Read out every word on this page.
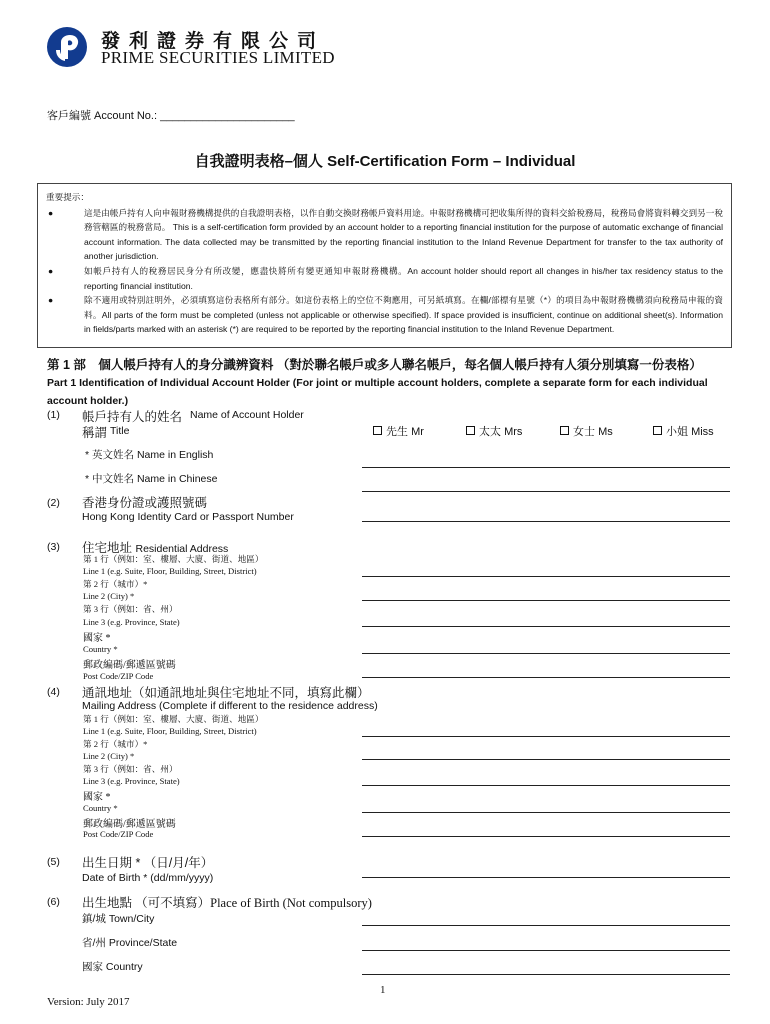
發利證券有限公司
PRIME SECURITIES LIMITED
客戶編號 Account No.: ______________________
自我證明表格–個人 Self-Certification Form – Individual
重要提示：
●	這是由帳戶持有人向申報財務機構提供的自我證明表格，以作自動交換財務帳戶資料用途。申報財務機構可把收集所得的資料交給稅務局，稅務局會將資料轉交到另一稅務管轄區的稅務當局。 This is a self-certification form provided by an account holder to a reporting financial institution for the purpose of automatic exchange of financial account information. The data collected may be transmitted by the reporting financial institution to the Inland Revenue Department for transfer to the tax authority of another jurisdiction.
●	如帳戶持有人的稅務居民身分有所改變，應盡快將所有變更通知申報財務機構。An account holder should report all changes in his/her tax residency status to the reporting financial institution.
●	除不適用或特別註明外，必須填寫這份表格所有部分。如這份表格上的空位不夠應用，可另紙填寫。在欄/部標有星號（*）的項目為申報財務機構須向稅務局申報的資料。All parts of the form must be completed (unless not applicable or otherwise specified). If space provided is insufficient, continue on additional sheet(s). Information in fields/parts marked with an asterisk (*) are required to be reported by the reporting financial institution to the Inland Revenue Department.
第 1 部　個人帳戶持有人的身分識辨資料 （對於聯名帳戶或多人聯名帳戶，每名個人帳戶持有人須分別填寫一份表格）
Part 1 Identification of Individual Account Holder (For joint or multiple account holders, complete a separate form for each individual account holder.)
(1) 帳戶持有人的姓名 Name of Account Holder
稱謂 Title	先生 Mr	太太 Mrs	女士 Ms	小姐 Miss
* 英文姓名 Name in English
* 中文姓名 Name in Chinese
(2) 香港身份證或護照號碼
Hong Kong Identity Card or Passport Number
(3) 住宅地址 Residential Address
第 1 行（例如：室、樓層、大廈、街道、地區）
Line 1 (e.g. Suite, Floor, Building, Street, District)
第 2 行（城市）*
Line 2 (City) *
第 3 行（例如：省、州）
Line 3 (e.g. Province, State)
國家 *
Country *
郵政編碼/郵遞區號碼
Post Code/ZIP Code
(4) 通訊地址（如通訊地址與住宅地址不同，填寫此欄）
Mailing Address (Complete if different to the residence address)
第 1 行（例如：室、樓層、大廈、街道、地區）
Line 1 (e.g. Suite, Floor, Building, Street, District)
第 2 行（城市）*
Line 2 (City) *
第 3 行（例如：省、州）
Line 3 (e.g. Province, State)
國家 *
Country *
郵政編碼/郵遞區號碼
Post Code/ZIP Code
(5) 出生日期 * （日/月/年）
Date of Birth * (dd/mm/yyyy)
(6) 出生地點 （可不填寫）Place of Birth (Not compulsory)
鎮/城 Town/City
省/州 Province/State
國家 Country
1
Version: July 2017
